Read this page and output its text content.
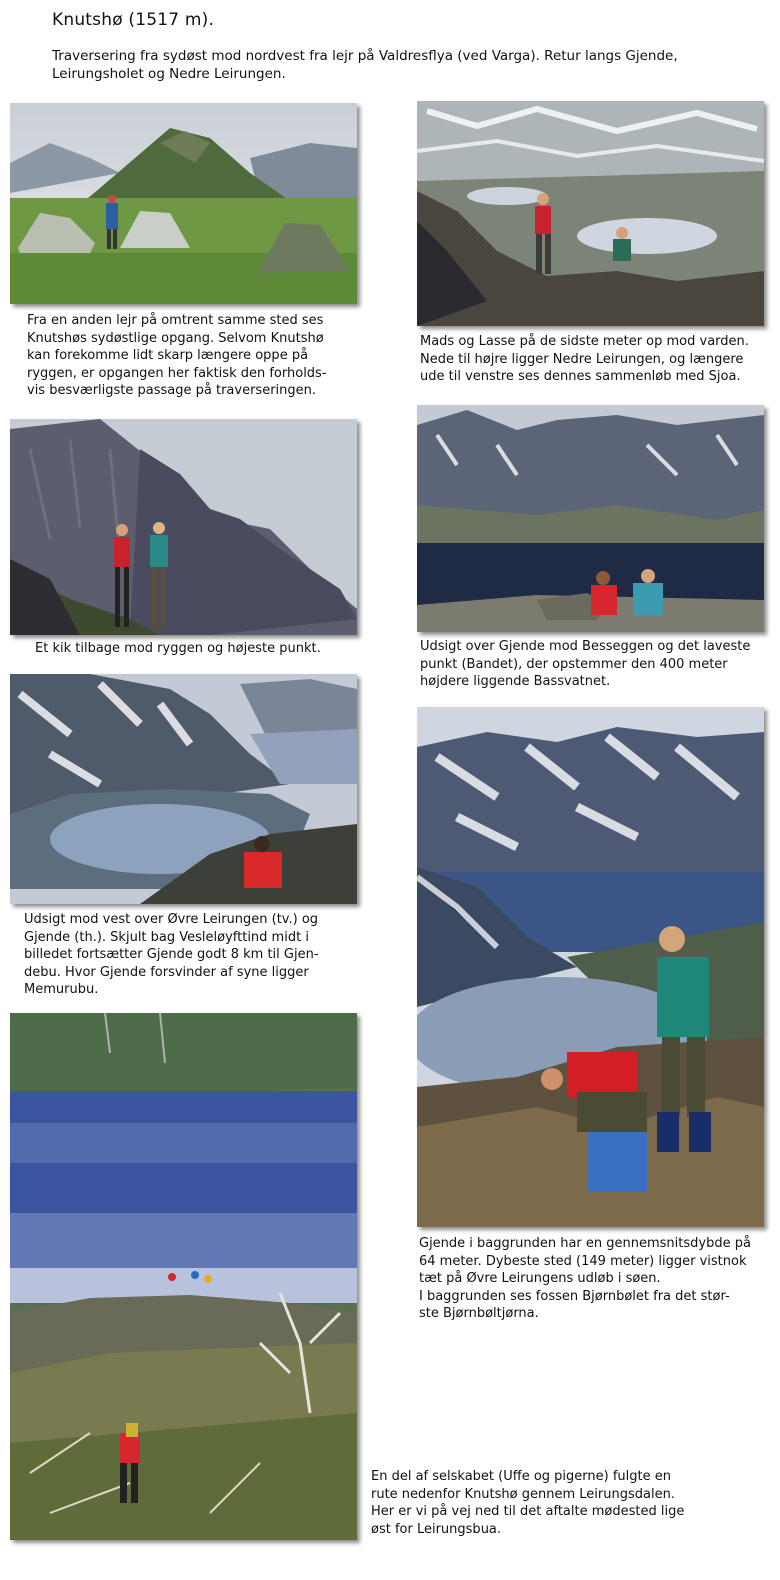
Knutshø (1517 m).
Traversering fra sydøst mod nordvest fra lejr på Valdresflya (ved Varga). Retur langs Gjende, Leirungsholet og Nedre Leirungen.
Fra en anden lejr på omtrent samme sted ses
Knutshøs sydøstlige opgang. Selvom Knutshø
kan forekomme lidt skarp længere oppe på
ryggen, er opgangen her faktisk den forholds-
vis besværligste passage på traverseringen.
Mads og Lasse på de sidste meter op mod varden.
Nede til højre ligger Nedre Leirungen, og længere
ude til venstre ses dennes sammenløb med Sjoa.
Et kik tilbage mod ryggen og højeste punkt.	Udsigt over Gjende mod Besseggen og det laveste
punkt (Bandet), der opstemmer den 400 meter
højdere liggende Bassvatnet.
Udsigt mod vest over Øvre Leirungen (tv.) og
Gjende (th.). Skjult bag Vesleløyfttind midt i
billedet fortsætter Gjende godt 8 km til Gjen-
debu. Hvor Gjende forsvinder af syne ligger
Memurubu.
Gjende i baggrunden har en gennemsnitsdybde på
64 meter. Dybeste sted (149 meter) ligger vistnok
tæt på Øvre Leirungens udløb i søen.
I baggrunden ses fossen Bjørnbølet fra det stør-
ste Bjørnbøltjørna.
En del af selskabet (Uffe og pigerne) fulgte en
rute nedenfor Knutshø gennem Leirungsdalen.
Her er vi på vej ned til det aftalte mødested lige
øst for Leirungsbua.
